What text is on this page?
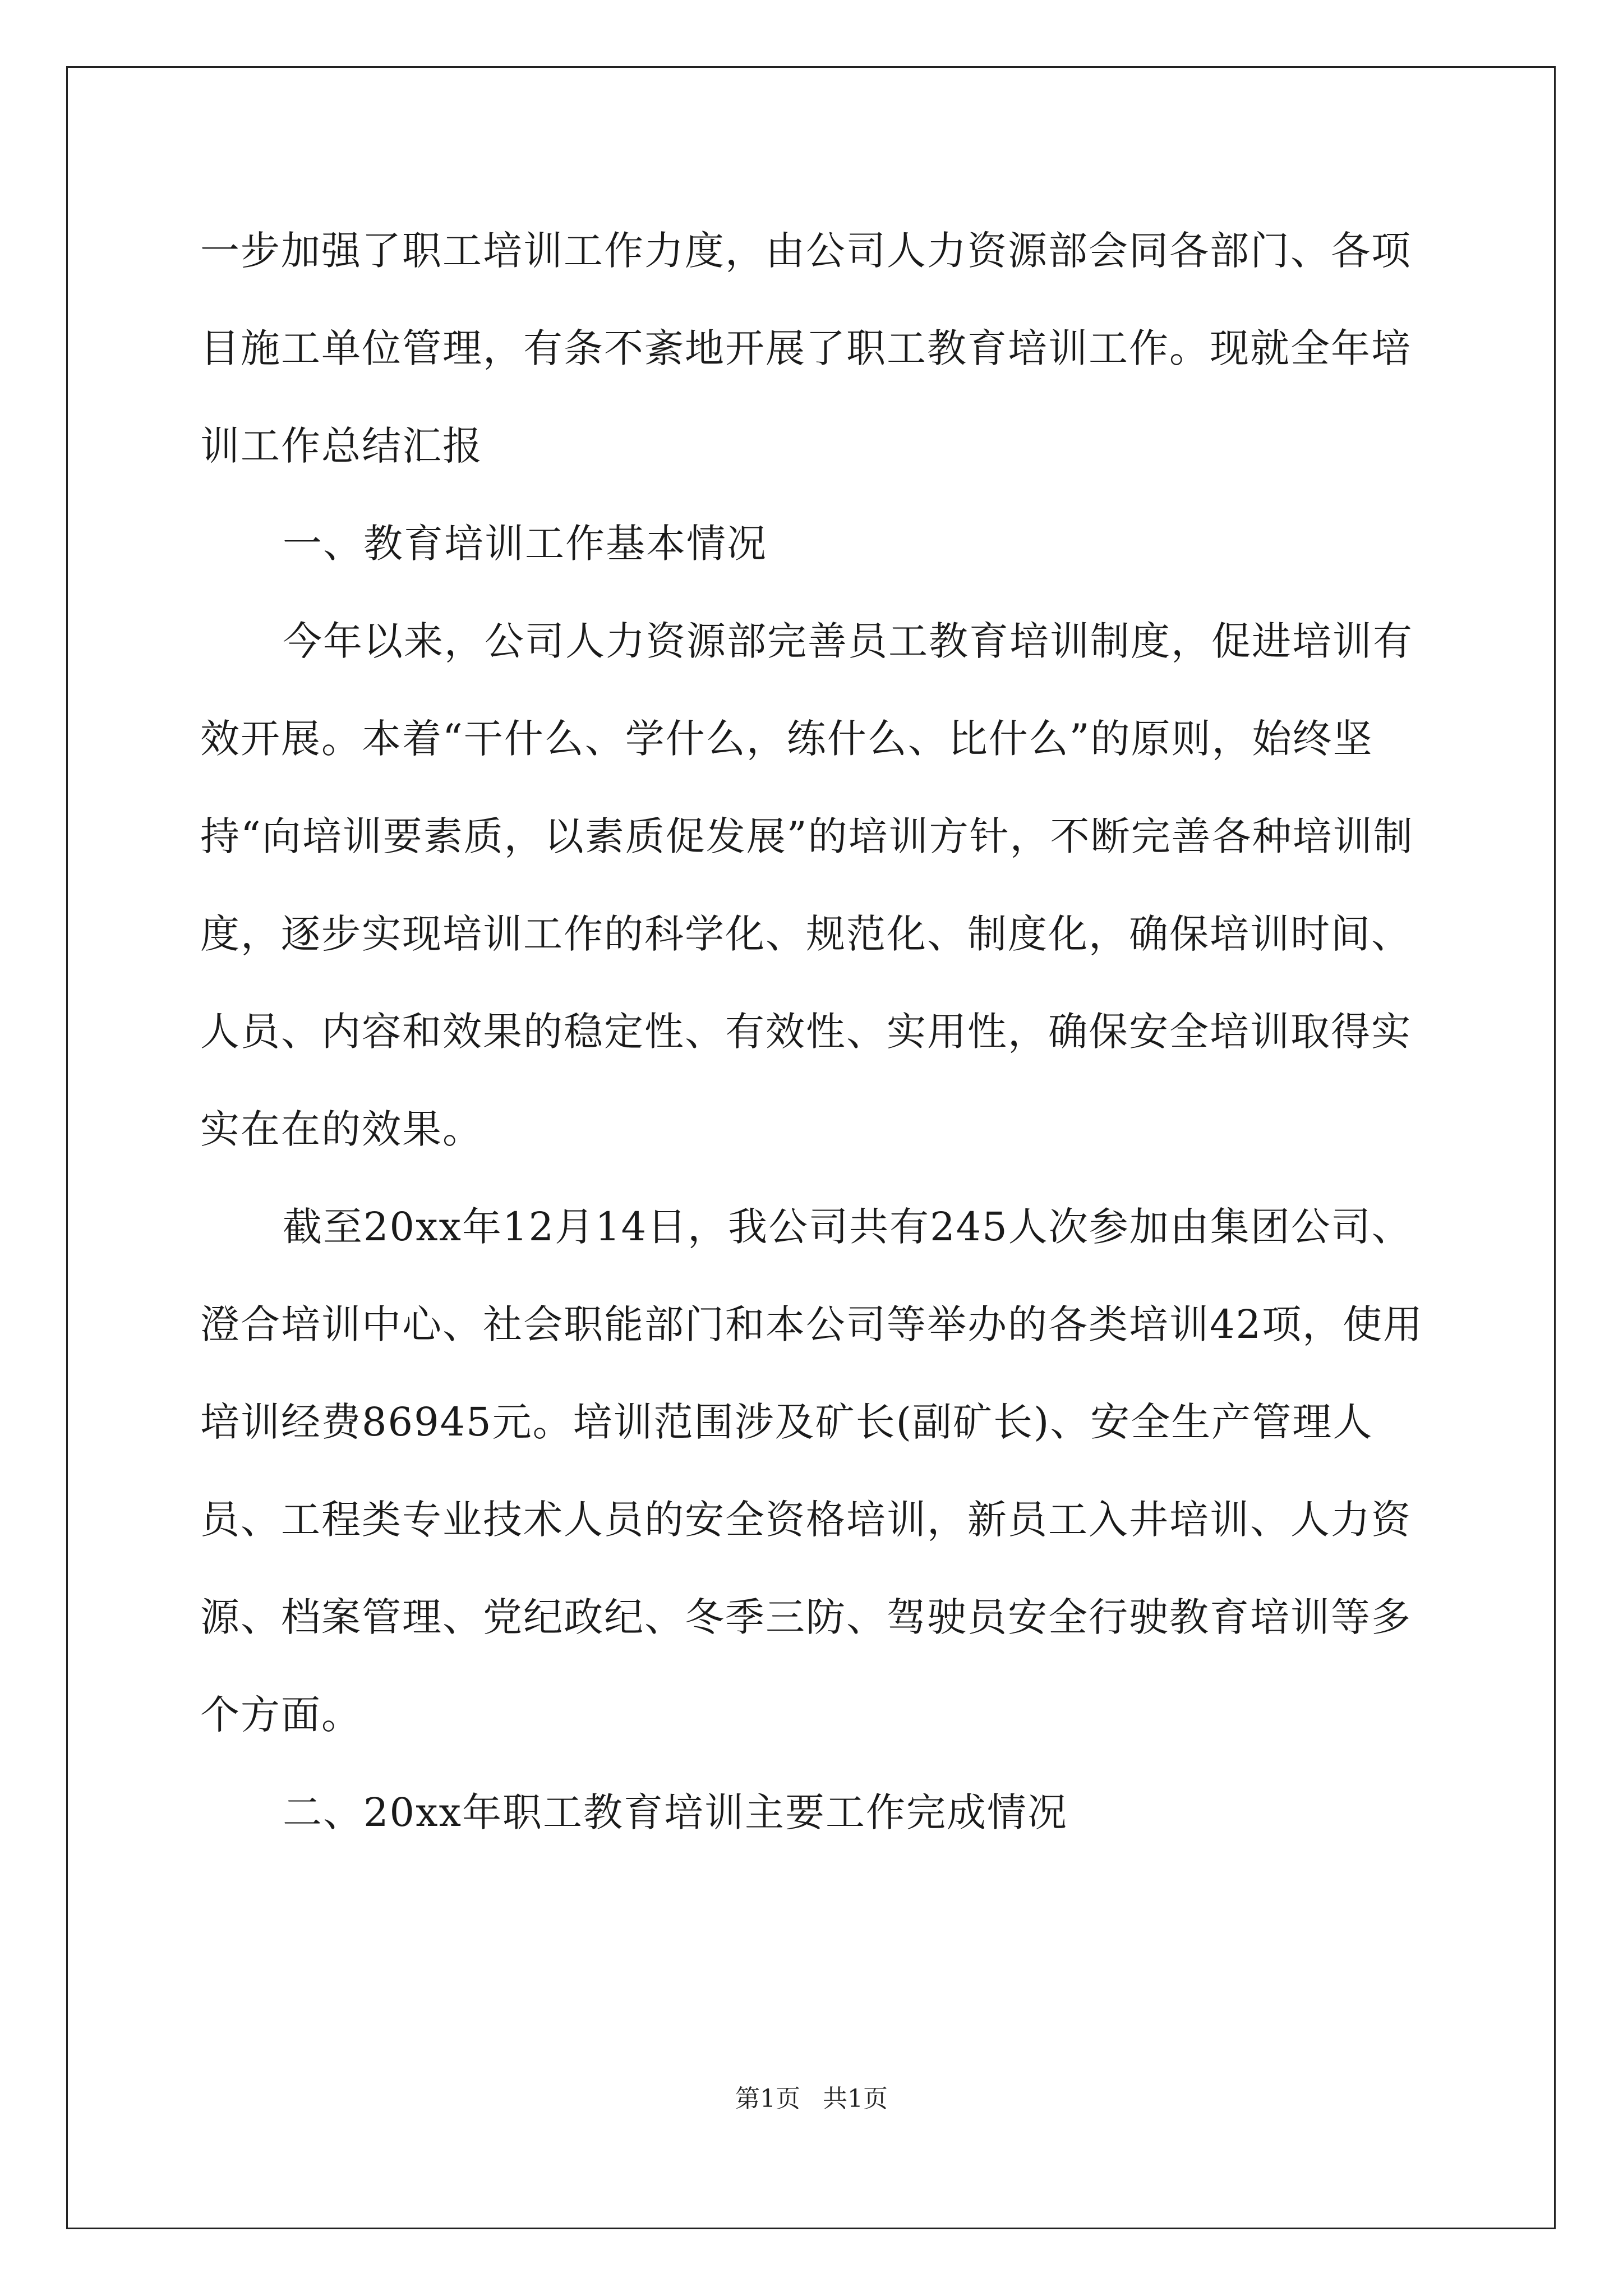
一步加强了职工培训工作力度，由公司人力资源部会同各部门、各项目施工单位管理，有条不紊地开展了职工教育培训工作。现就全年培训工作总结汇报

一、教育培训工作基本情况

今年以来，公司人力资源部完善员工教育培训制度，促进培训有效开展。本着“干什么、学什么，练什么、比什么”的原则，始终坚持“向培训要素质，以素质促发展”的培训方针，不断完善各种培训制度，逐步实现培训工作的科学化、规范化、制度化，确保培训时间、人员、内容和效果的稳定性、有效性、实用性，确保安全培训取得实实在在的效果。

截至20xx年12月14日，我公司共有245人次参加由集团公司、澄合培训中心、社会职能部门和本公司等举办的各类培训42项，使用培训经费86945元。培训范围涉及矿长(副矿长)、安全生产管理人员、工程类专业技术人员的安全资格培训，新员工入井培训、人力资源、档案管理、党纪政纪、冬季三防、驾驶员安全行驶教育培训等多个方面。

二、20xx年职工教育培训主要工作完成情况

第1页 共1页
